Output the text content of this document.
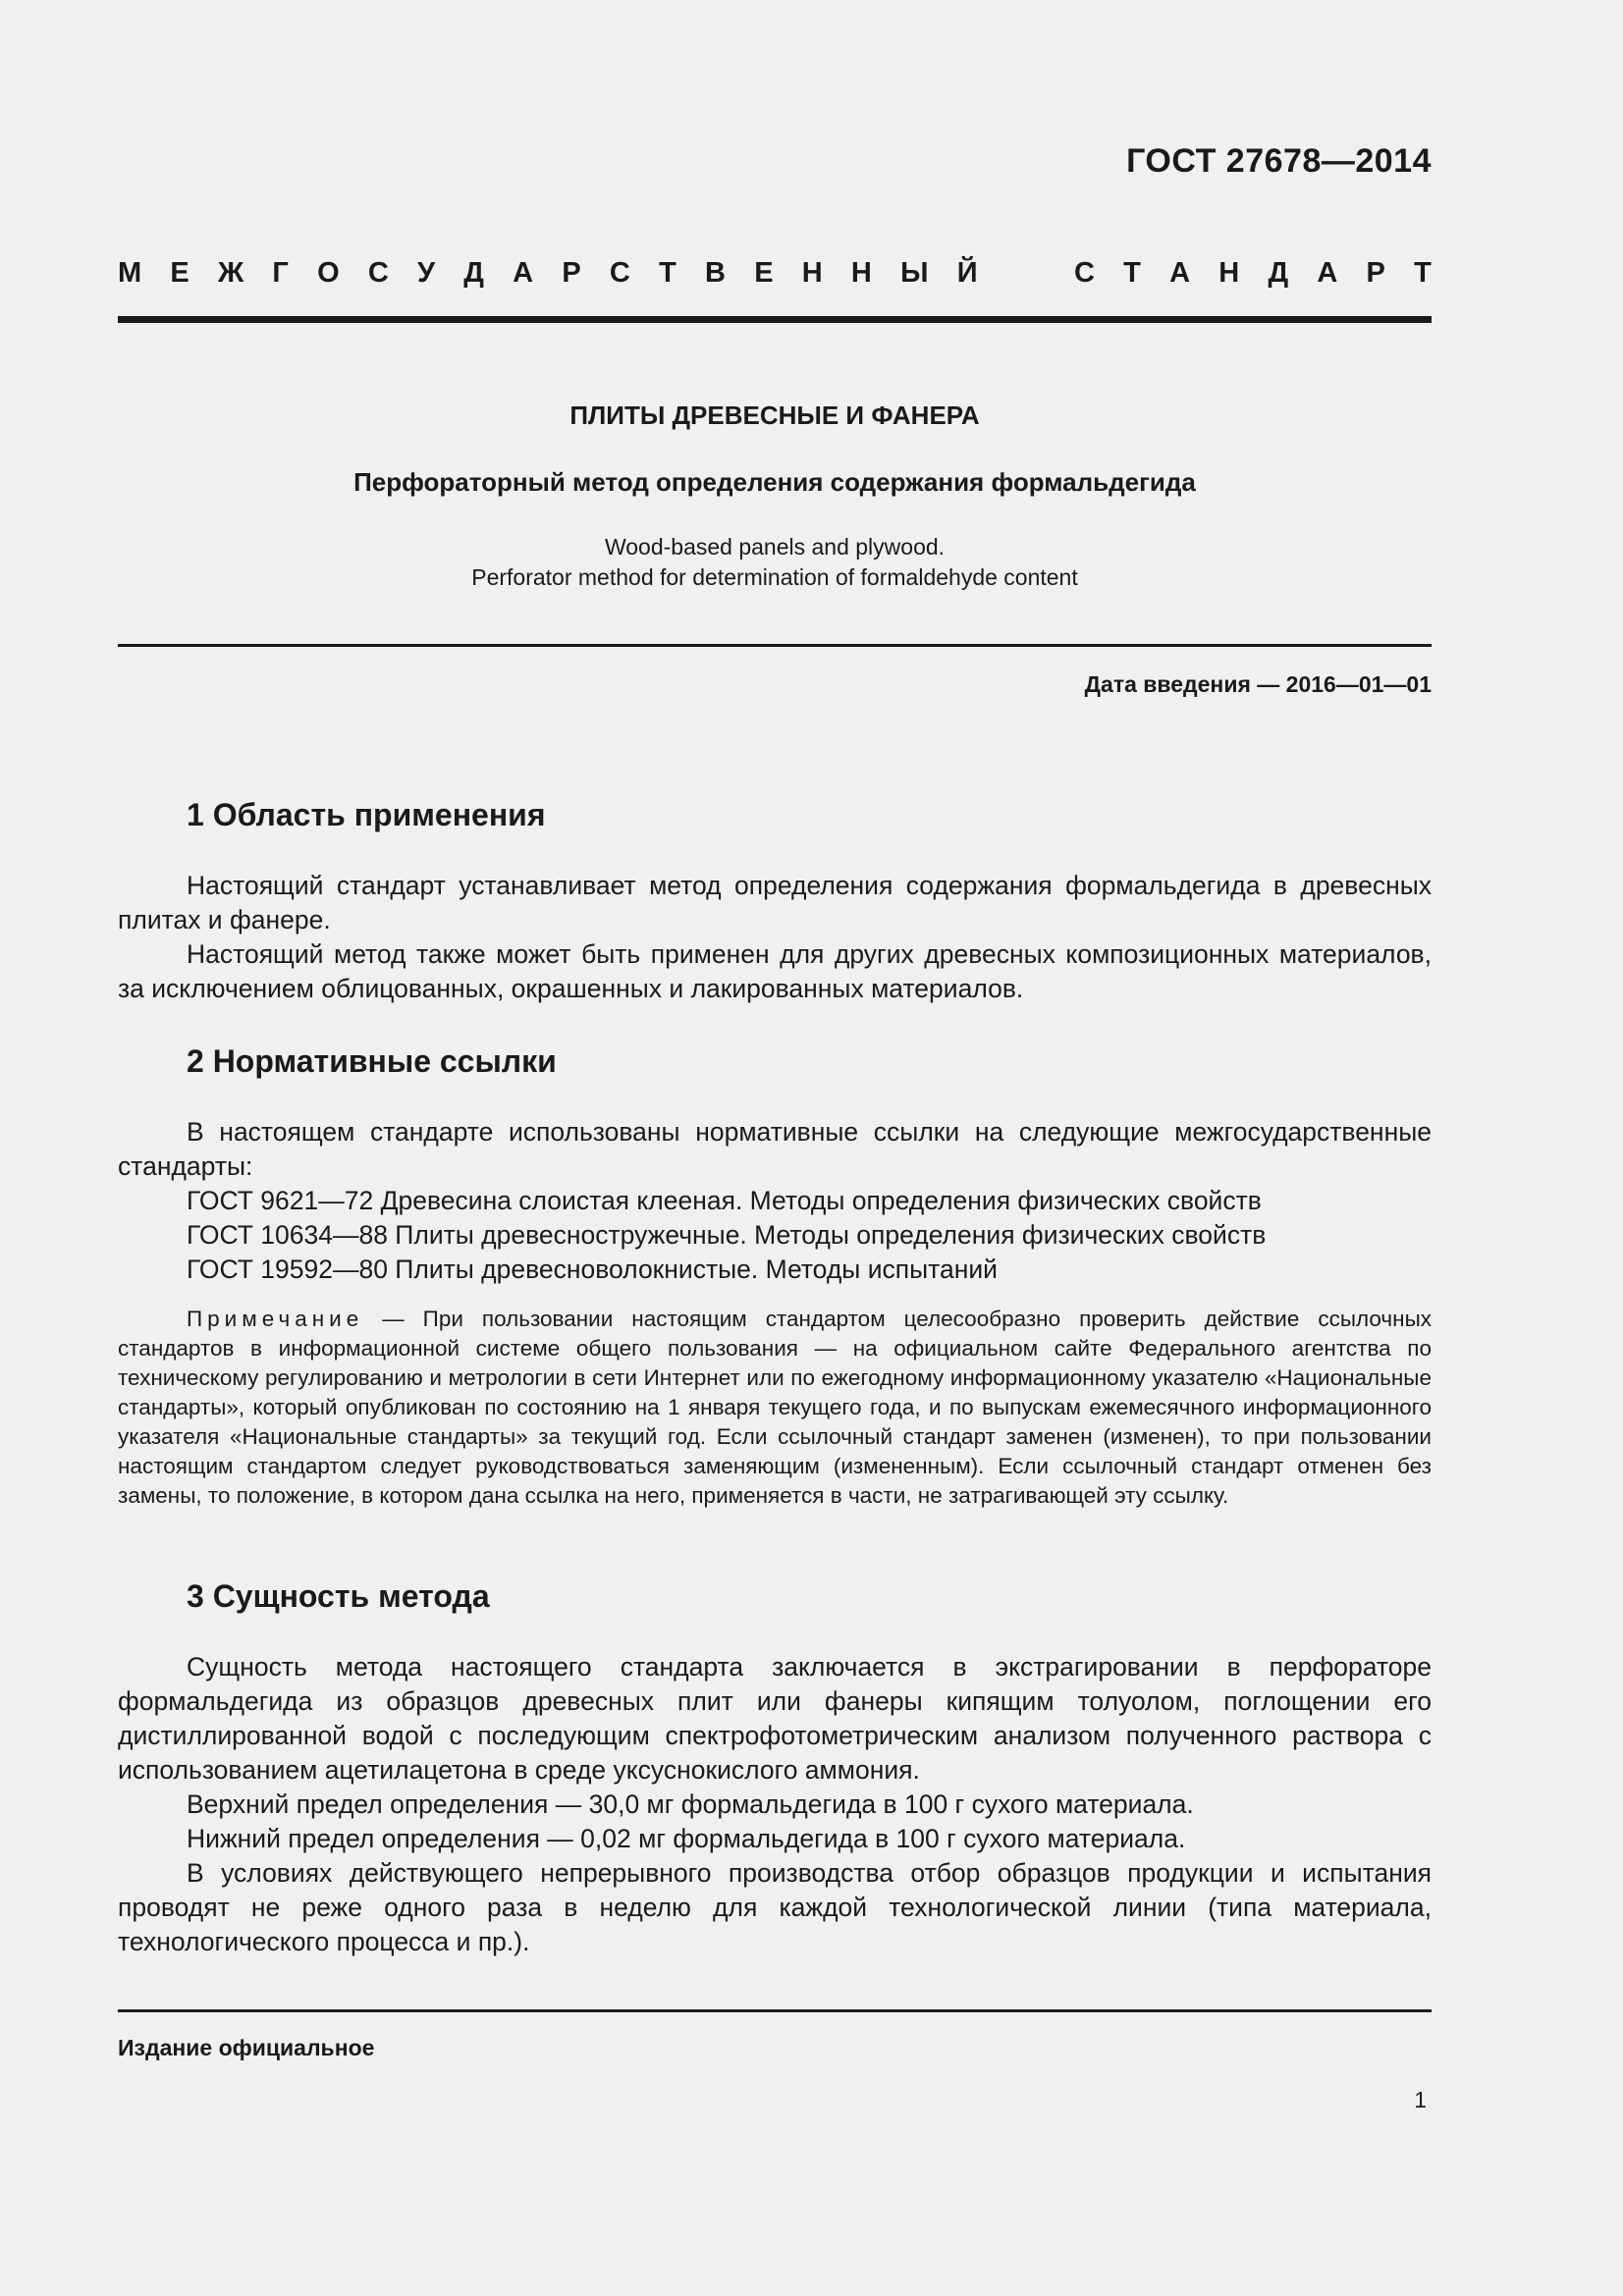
ГОСТ 27678—2014
М Е Ж Г О С У Д А Р С Т В Е Н Н Ы Й	С Т А Н Д А Р Т
ПЛИТЫ ДРЕВЕСНЫЕ И ФАНЕРА
Перфораторный метод определения содержания формальдегида
Wood-based panels and plywood.
Perforator method for determination of formaldehyde content
Дата введения — 2016—01—01
1 Область применения

Настоящий стандарт устанавливает метод определения содержания формальдегида в древесных плитах и фанере.

Настоящий метод также может быть применен для других древесных композиционных материалов, за исключением облицованных, окрашенных и лакированных материалов.

2 Нормативные ссылки

В настоящем стандарте использованы нормативные ссылки на следующие межгосударственные стандарты:

ГОСТ 9621—72 Древесина слоистая клееная. Методы определения физических свойств

ГОСТ 10634—88 Плиты древесностружечные. Методы определения физических свойств

ГОСТ 19592—80 Плиты древесноволокнистые. Методы испытаний

Примечание — При пользовании настоящим стандартом целесообразно проверить действие ссылочных стандартов в информационной системе общего пользования — на официальном сайте Федерального агентства по техническому регулированию и метрологии в сети Интернет или по ежегодному информационному указателю «Национальные стандарты», который опубликован по состоянию на 1 января текущего года, и по выпускам ежемесячного информационного указателя «Национальные стандарты» за текущий год. Если ссылочный стандарт заменен (изменен), то при пользовании настоящим стандартом следует руководствоваться заменяющим (измененным). Если ссылочный стандарт отменен без замены, то положение, в котором дана ссылка на него, применяется в части, не затрагивающей эту ссылку.

3 Сущность метода

Сущность метода настоящего стандарта заключается в экстрагировании в перфораторе формальдегида из образцов древесных плит или фанеры кипящим толуолом, поглощении его дистиллированной водой с последующим спектрофотометрическим анализом полученного раствора с использованием ацетилацетона в среде уксуснокислого аммония.

Верхний предел определения — 30,0 мг формальдегида в 100 г сухого материала.

Нижний предел определения — 0,02 мг формальдегида в 100 г сухого материала.

В условиях действующего непрерывного производства отбор образцов продукции и испытания проводят не реже одного раза в неделю для каждой технологической линии (типа материала, технологического процесса и пр.).

Издание официальное
1
